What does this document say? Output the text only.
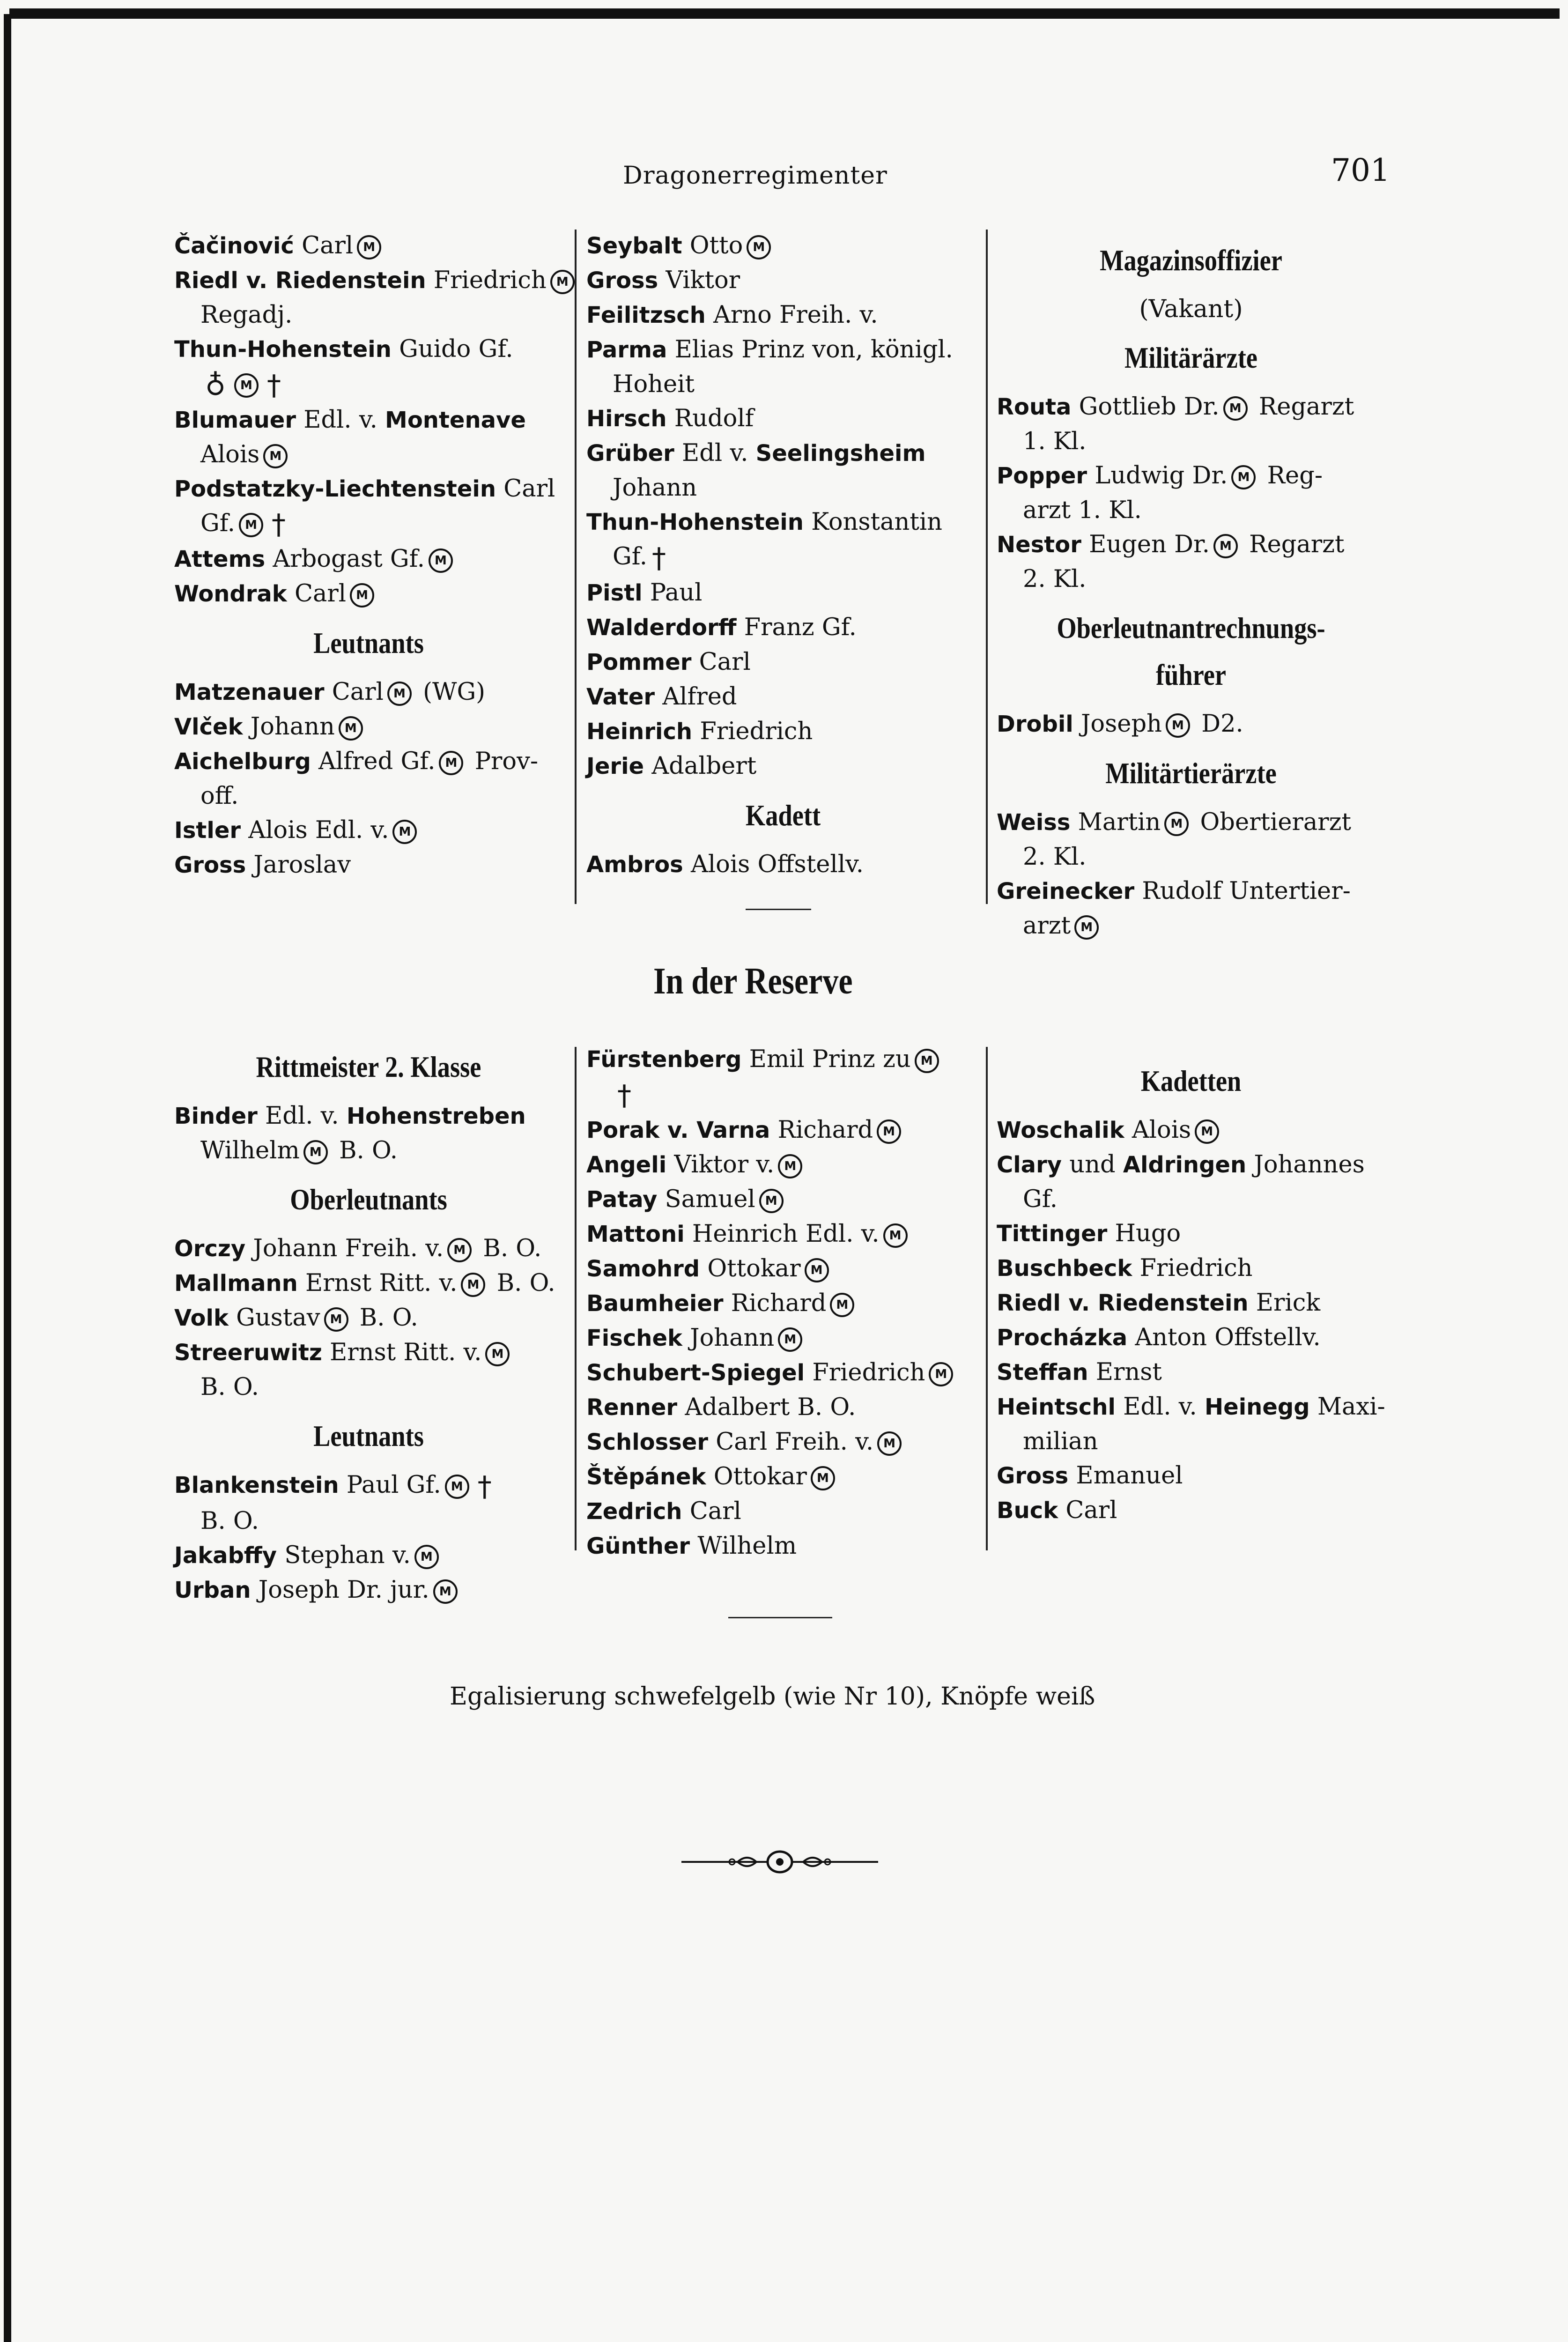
Dragonerregimenter	701
Čačinović Carl M
Riedl v. Riedenstein Friedrich M
Regadj.
Thun-Hohenstein Guido Gf.
♁ M †
Blumauer Edl. v. Montenave
Alois M
Podstatzky-Liechtenstein Carl
Gf. M †
Attems Arbogast Gf. M
Wondrak Carl M
Leutnants
Matzenauer Carl M (WG)
Vlček Johann M
Aichelburg Alfred Gf. M Prov-
off.
Istler Alois Edl. v. M
Gross Jaroslav
Seybalt Otto M
Gross Viktor
Feilitzsch Arno Freih. v.
Parma Elias Prinz von, königl.
Hoheit
Hirsch Rudolf
Grüber Edl v. Seelingsheim
Johann
Thun-Hohenstein Konstantin
Gf. †
Pistl Paul
Walderdorff Franz Gf.
Pommer Carl
Vater Alfred
Heinrich Friedrich
Jerie Adalbert
Kadett
Ambros Alois Offstellv.
Magazinsoffizier
(Vakant)
Militärärzte
Routa Gottlieb Dr. M Regarzt
1. Kl.
Popper Ludwig Dr. M Reg-
arzt 1. Kl.
Nestor Eugen Dr. M Regarzt
2. Kl.
Oberleutnantrechnungs-
führer
Drobil Joseph M D2.
Militärtierärzte
Weiss Martin M Obertierarzt
2. Kl.
Greinecker Rudolf Untertier-
arzt M
In der Reserve
Rittmeister 2. Klasse
Binder Edl. v. Hohenstreben
Wilhelm M B. O.
Oberleutnants
Orczy Johann Freih. v. M B. O.
Mallmann Ernst Ritt. v. M B. O.
Volk Gustav M B. O.
Streeruwitz Ernst Ritt. v. M
B. O.
Leutnants
Blankenstein Paul Gf. M †
B. O.
Jakabffy Stephan v. M
Urban Joseph Dr. jur. M
Fürstenberg Emil Prinz zu M
†
Porak v. Varna Richard M
Angeli Viktor v. M
Patay Samuel M
Mattoni Heinrich Edl. v. M
Samohrd Ottokar M
Baumheier Richard M
Fischek Johann M
Schubert-Spiegel Friedrich M
Renner Adalbert B. O.
Schlosser Carl Freih. v. M
Štěpánek Ottokar M
Zedrich Carl
Günther Wilhelm
Kadetten
Woschalik Alois M
Clary und Aldringen Johannes
Gf.
Tittinger Hugo
Buschbeck Friedrich
Riedl v. Riedenstein Erick
Procházka Anton Offstellv.
Steffan Ernst
Heintschl Edl. v. Heinegg Maxi-
milian
Gross Emanuel
Buck Carl
Egalisierung schwefelgelb (wie Nr 10), Knöpfe weiß
